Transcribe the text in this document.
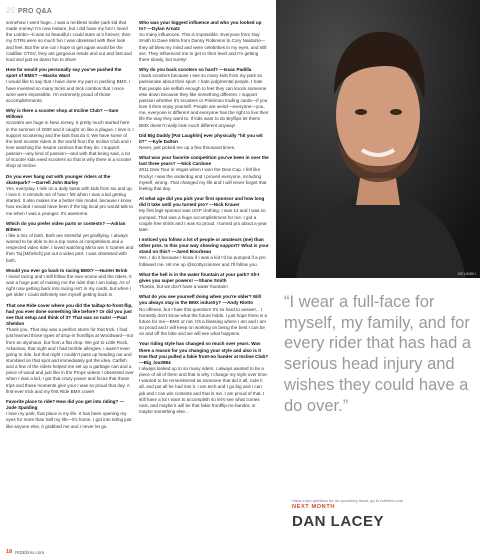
20 PRO Q&A
somehow I went huge...I was a reckless trailer park kid that made money! I'm now mature, but I did have my fun! I loved the Lambo—it was so beautiful I could stare at it forever, then my GTRs were so much fun I was obsessed with their look and feel. But the one car I hope to get again would be the Cadillac CTSV; they are gorgeous inside and out and fast and loud and just so damn fun to drive!
How far would you personally say you've pushed the sport of BMX? —Macks Ward
I would like to say that I have done my part in pushing BMX. I have invented so many tricks and trick combos that I once wore were impossible. I'm extremely proud of those accomplishments.
Why is there a scooter shop at Incline Club? —Sam Willows
Scooters are huge in New Jersey. It pretty much started here in the summer of 2000 and it caught on like a plague. I love it. I support scootering and the kids that do it. We have some of the best scooter riders in the world from the Incline Club and I love watching the insane combos that they do. I support passion—any kind of passion—and with that being said, a lot of scooter kids need scooters so that is why there is a scooter shop at Incline.
Do you ever hang out with younger riders at the skatepark? —Darrell John Barley
Yes, everyday. I ride on a daily basis with kids from six and up. I love it. It reminds me of how I felt when I was a kid getting started. It also makes me a better role model, because I know how excited I would have been if the big local pro would talk to me when I was a younger. It's awesome.
Which do you prefer video parts or contests? —Adrian Bittern
I like a mix of both. Both are stressful yet gratifying. I always wanted to be able to be a top name at competitions and a respected video rider. I loved watching Mirra win X Games and then Taj [Mihelich] put out a video part. I was obsessed with both.
Would you ever go back to racing BMX? —Hunter Brink
I loved racing and I still follow the race scene and the riders. It was a huge part of making me the rider that I am today. As of right now getting back into racing isn't in my cards, but when I get older I could definitely see myself getting back in.
That one Ride cover where you did the tailtap-to-front-flip, had you ever done something like before? Or did you just see that setup and think of it? That was so nuts! —Paul Sheldon
Thank you. That day was a perfect storm for that trick. I had just learned those types of drop-in frontflips at Woodward—not from an alyuhaus, but from a flat drop. We got to Little Rock, Arkansas, that night and I had terrible allergies. I wasn't even going to ride, but that night I couldn't pass up heading out and stumbled on that spot and immediately got the idea. Catfish and a few of the riders helped me set up a garbage can and a piece of wood and just like in the Props videos I obsessed over when I was a kid, I got that crazy power and focus that those trips and those moments give you! I was so proud that day. A first-ever trick and my first Ride BMX cover!
Favorite place to ride? How did you get into riding? —Jude Spalding
I love my park, that place is my life. It has been opening my eyes for more than half my life—it's home. I got into riding just like anyone else, it grabbed me and I never let go.
Who was your biggest influence and who you looked up to? —Dylan Arnatz
So many influences. This is impossible. Everyone from Day Smith to Dave Mirra from Danny Robinson to Cory Nastazio—they all blew my mind and were celebrities in my eyes, and still are. They influenced me to get to their level and I'm getting there slowly, but surely!
Why do you back scooters so hard? —Issac Padilla
I back scooters because I see so many kids from my park so passionate about their sport. I hate judgmental people. I hate that people are selfish enough to feel they can knock someone else down because they like something different. I support passion whether it's scooters or Pokémon trading cards—if you love it then enjoy yourself. People are weird—everyone—you, me, everyone is different and everyone has the right to live their life the way they want to. If kids want to do Bryflips let them! BMX doesn't really look much different anyway!
Did Big Daddy [Pat Laughlin] ever physically "hit you wit it?" —Kyle Dalton
Never, just picked me up a few thousand times.
What was your favorite competition you've been in over the last three years? —Nick Cardone
2011 Dew Tour in Vegas when I won the Dew Cup. I felt like Rocky! I was the underdog and I proved everyone, including myself, wrong. That changed my life and I will never forget that feeling that day.
At what age did you pick your first sponsor and how long did it take until you turned pro? —Nick Krauer
My first legit sponsor was UGP clothing. I was 14 and I was so pumped. That was a huge accomplishment for me. I got a couple free shirts and I was so proud. I turned pro about a year later.
I noticed you follow a lot of people or amateurs (me) than other pros. Is this your way showing support? What is your stand on this? —Jared Bourbeau
Yes, I do it because I know if I was a kid I'd be pumped if a pro followed me. Hit me up @scottycranmer and I'll follow you.
What the hell is in the water fountain at your park? Sh-t gives you super powers! —Shane Smith
Thanks, but we don't have a water fountain!
What do you see yourself doing when you're older? Will you always stay in the BMX industry? —Andy Riotto
No offense, but I hate this question! It's so hard to answer... I honestly don't know what the future holds. I just hope there is a future for me—BMX or not. It's a blessing where I am and I am so proud and I will keep on working on being the best I can be on and off the bike and we will see what happens.
Your riding style has changed so much over years. Was there a reason for you changing your style and also is it true that you pulled a fakie front-no hander at Incline Club? —Big_lou3984
I always looked up to so many riders. I always wanted to be a piece of all of them and that is why I change my style over time. I wanted to be remembered as someone that did it all, rode it all, and put all he had into it. I am tech and I go big and I can jab and I can win contests and that is me. I am proud of that. I still have a lot I want to accomplish so let's see what comes next, and maybe it will be that fakie frontflip-no-hander, or maybe something else...
ZIELINSKI
“I wear a full-face for myself, my family, and for every rider that has had a serious head injury and wishes they could have a do over.”
Have a pro question for an upcoming issue, go to ridebmx.com
NEXT MONTH
DAN LACEY
18 RIDEbmx.com
